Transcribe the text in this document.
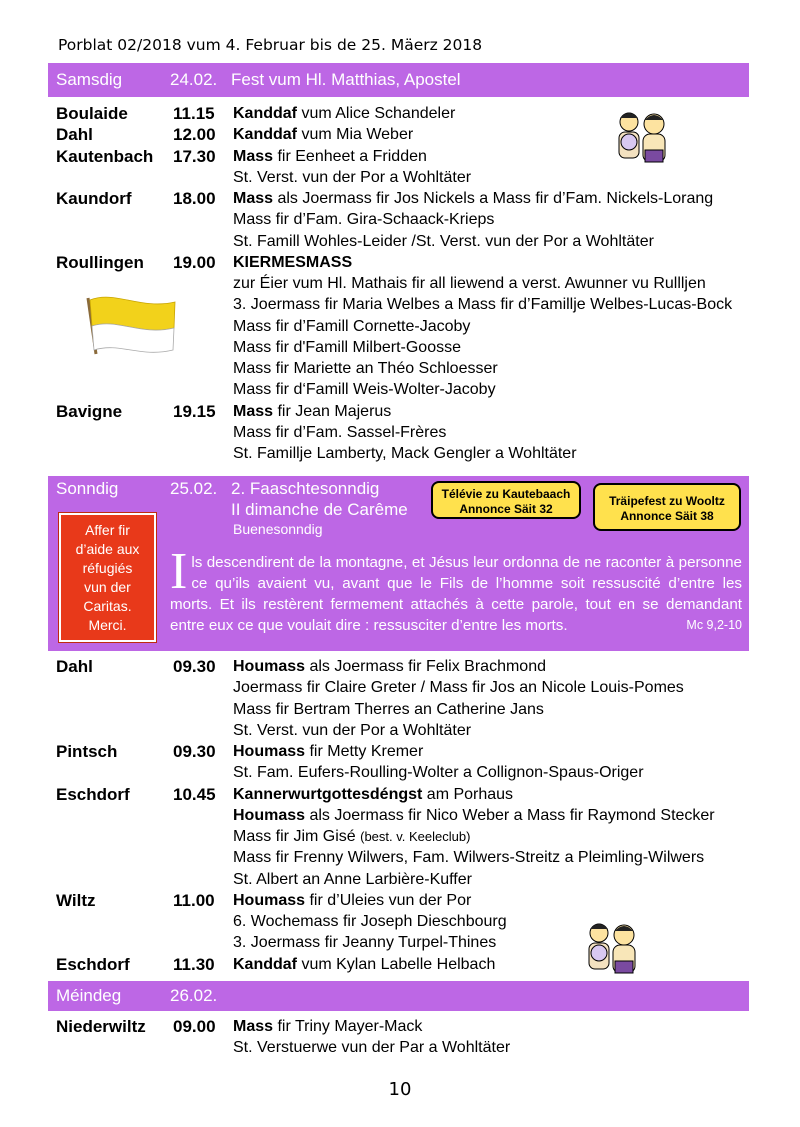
Porblat 02/2018 vum 4. Februar bis de 25. Mäerz 2018
Samsdig	24.02. Fest vum Hl. Matthias, Apostel
Boulaide	11.15 Kanddaf vum Alice Schandeler
Dahl	12.00 Kanddaf vum Mia Weber
Kautenbach 17.30 Mass fir Eenheet a Fridden
St. Verst. vun der Por a Wohltäter
Kaundorf 18.00 Mass als Joermass fir Jos Nickels a Mass fir d’Fam. Nickels-Lorang
Mass fir d’Fam. Gira-Schaack-Krieps
St. Famill Wohles-Leider /St. Verst. vun der Por a Wohltäter
Roullingen 19.00 KIERMESMASS
zur Éier vum Hl. Mathais fir all liewend a verst. Awunner vu Rullljen
3. Joermass fir Maria Welbes a Mass fir d’Famillje Welbes-Lucas-Bock
Mass fir d’Famill Cornette-Jacoby
Mass fir d'Famill Milbert-Goosse
Mass fir Mariette an Théo Schloesser
Mass fir d‘Famill Weis-Wolter-Jacoby
Bavigne	19.15 Mass fir Jean Majerus
Mass fir d’Fam. Sassel-Frères
St. Famillje Lamberty, Mack Gengler a Wohltäter
Sonndig	25.02. 2. Faaschtesonndig
II dimanche de Carême
Buenesonndig
Télévie zu Kautebaach
Annonce Säit 32
Träipefest zu Wooltz
Annonce Säit 38
Affer fir
d’aide aux
réfugiés
vun der
Caritas.
Merci.
Ils descendirent de la montagne, et Jésus leur ordonna de ne raconter à personne ce qu’ils avaient vu, avant que le Fils de l’homme soit ressuscité d’entre les morts. Et ils restèrent fermement attachés à cette parole, tout en se demandant entre eux ce que voulait dire : ressusciter d’entre les morts.	Mc 9,2-10
Dahl	09.30 Houmass als Joermass fir Felix Brachmond
Joermass fir Claire Greter / Mass fir Jos an Nicole Louis-Pomes
Mass fir Bertram Therres an Catherine Jans
St. Verst. vun der Por a Wohltäter
Pintsch	09.30 Houmass fir Metty Kremer
St. Fam. Eufers-Roulling-Wolter a Collignon-Spaus-Origer
Eschdorf	10.45 Kannerwurtgottesdéngst am Porhaus
Houmass als Joermass fir Nico Weber a Mass fir Raymond Stecker
Mass fir Jim Gisé (best. v. Keeleclub)
Mass fir Frenny Wilwers, Fam. Wilwers-Streitz a Pleimling-Wilwers
St. Albert an Anne Larbière-Kuffer
Wiltz	11.00 Houmass fir d’Uleies vun der Por
6. Wochemass fir Joseph Dieschbourg
3. Joermass fir Jeanny Turpel-Thines
Eschdorf	11.30 Kanddaf vum Kylan Labelle Helbach
Méindeg	26.02.
Niederwiltz 09.00 Mass fir Triny Mayer-Mack
St. Verstuerwe vun der Par a Wohltäter
10
